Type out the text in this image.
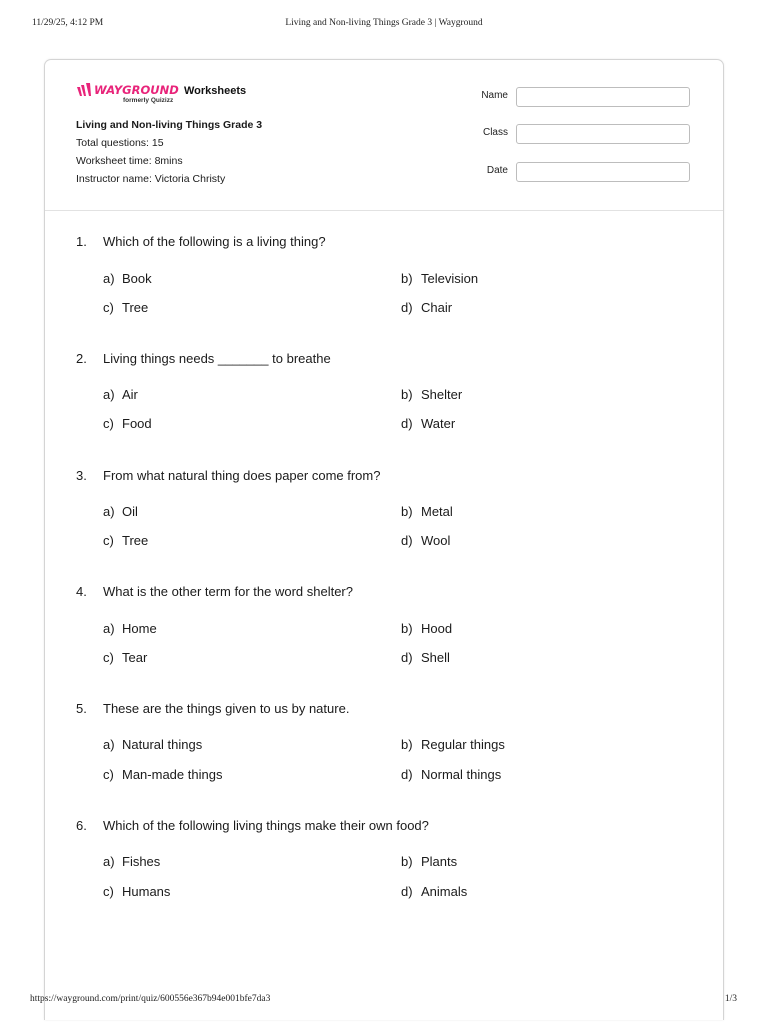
11/29/25, 4:12 PM	Living and Non-living Things Grade 3 | Wayground
WAYGROUND
formerly Quizizz
Worksheets
Living and Non-living Things Grade 3
Total questions: 15
Worksheet time: 8mins
Instructor name: Victoria Christy
Name
Class
Date
1. Which of the following is a living thing?
a) Book	b) Television
c) Tree	d) Chair
2. Living things needs _______ to breathe
a) Air	b) Shelter
c) Food	d) Water
3. From what natural thing does paper come from?
a) Oil	b) Metal
c) Tree	d) Wool
4. What is the other term for the word shelter?
a) Home	b) Hood
c) Tear	d) Shell
5. These are the things given to us by nature.
a) Natural things	b) Regular things
c) Man-made things	d) Normal things
6. Which of the following living things make their own food?
a) Fishes	b) Plants
c) Humans	d) Animals
https://wayground.com/print/quiz/600556e367b94e001bfe7da3	1/3
